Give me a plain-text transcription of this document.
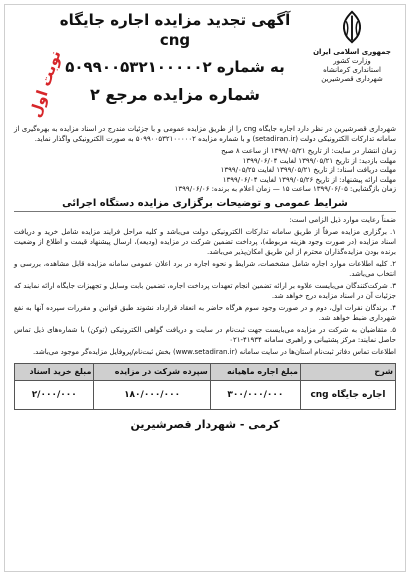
جمهوری اسلامی ایران
وزارت کشور
استانداری کرمانشاه
شهرداری قصرشیرین
آگهی تجدید مزایده اجاره جایگاه cng
به شماره ۵۰۹۹۰۰۵۳۲۱۰۰۰۰۰۲
شماره مزایده مرجع ۲
نوبت اول

شهرداری قصرشیرین در نظر دارد اجاره جایگاه cng را از طریق مزایده عمومی و با جزئیات مندرج در اسناد مزایده به بهره‌گیری از سامانه تدارکات الکترونیکی دولت (setadiran.ir) و با شماره مزایده ۵۰۹۹۰۰۵۳۲۱۰۰۰۰۰۲ به صورت الکترونیکی واگذار نماید.

زمان انتشار در سایت: از تاریخ ۱۳۹۹/۰۵/۲۱ از ساعت ۸ صبح
مهلت بازدید: از تاریخ ۱۳۹۹/۰۵/۲۱ لغایت ۱۳۹۹/۰۶/۰۴
مهلت دریافت اسناد: از تاریخ ۱۳۹۹/۰۵/۲۱ لغایت ۱۳۹۹/۰۵/۲۵
مهلت ارائه پیشنهاد: از تاریخ ۱۳۹۹/۰۵/۲۶ لغایت ۱۳۹۹/۰۶/۰۴
زمان بازگشایی: ۱۳۹۹/۰۶/۰۵ ساعت ۱۵ — زمان اعلام به برنده: ۱۳۹۹/۰۶/۰۶
شرایط عمومی و توضیحات برگزاری مزایده دستگاه اجرائی

ضمناً رعایت موارد ذیل الزامی است:

۱. برگزاری مزایده صرفاً از طریق سامانه تدارکات الکترونیکی دولت می‌باشد و کلیه مراحل فرایند مزایده شامل خرید و دریافت اسناد مزایده (در صورت وجود هزینه مربوطه)، پرداخت تضمین شرکت در مزایده (ودیعه)، ارسال پیشنهاد قیمت و اطلاع از وضعیت برنده بودن مزایده‌گذاران محترم از این طریق امکان‌پذیر می‌باشد.

۲. کلیه اطلاعات موارد اجاره شامل مشخصات، شرایط و نحوه اجاره در برد اعلان عمومی سامانه مزایده قابل مشاهده، بررسی و انتخاب می‌باشد.

۳. شرکت‌کنندگان می‌بایست علاوه بر ارائه تضمین انجام تعهدات پرداخت اجاره، تضمین بابت وسایل و تجهیزات جایگاه ارائه نمایند که جزئیات آن در اسناد مزایده درج خواهد شد.

۴. برندگان نفرات اول، دوم و در صورت وجود سوم هرگاه حاضر به انعقاد قرارداد نشوند طبق قوانین و مقررات سپرده آنها به نفع شهرداری ضبط خواهد شد.

۵. متقاضیان به شرکت در مزایده می‌بایست جهت ثبت‌نام در سایت و دریافت گواهی الکترونیکی (توکن) با شماره‌های ذیل تماس حاصل نمایند: مرکز پشتیبانی و راهبری سامانه ۴۱۹۳۴-۰۲۱

اطلاعات تماس دفاتر ثبت‌نام استان‌ها در سایت سامانه (www.setadiran.ir) بخش ثبت‌نام/پروفایل مزایده‌گر موجود می‌باشد.

شرح	مبلغ اجاره ماهیانه	سپرده شرکت در مزایده	مبلغ خرید اسناد
اجاره جایگاه cng	۳۰۰/۰۰۰/۰۰۰	۱۸۰/۰۰۰/۰۰۰	۲/۰۰۰/۰۰۰
کرمی - شهردار قصرشیرین
